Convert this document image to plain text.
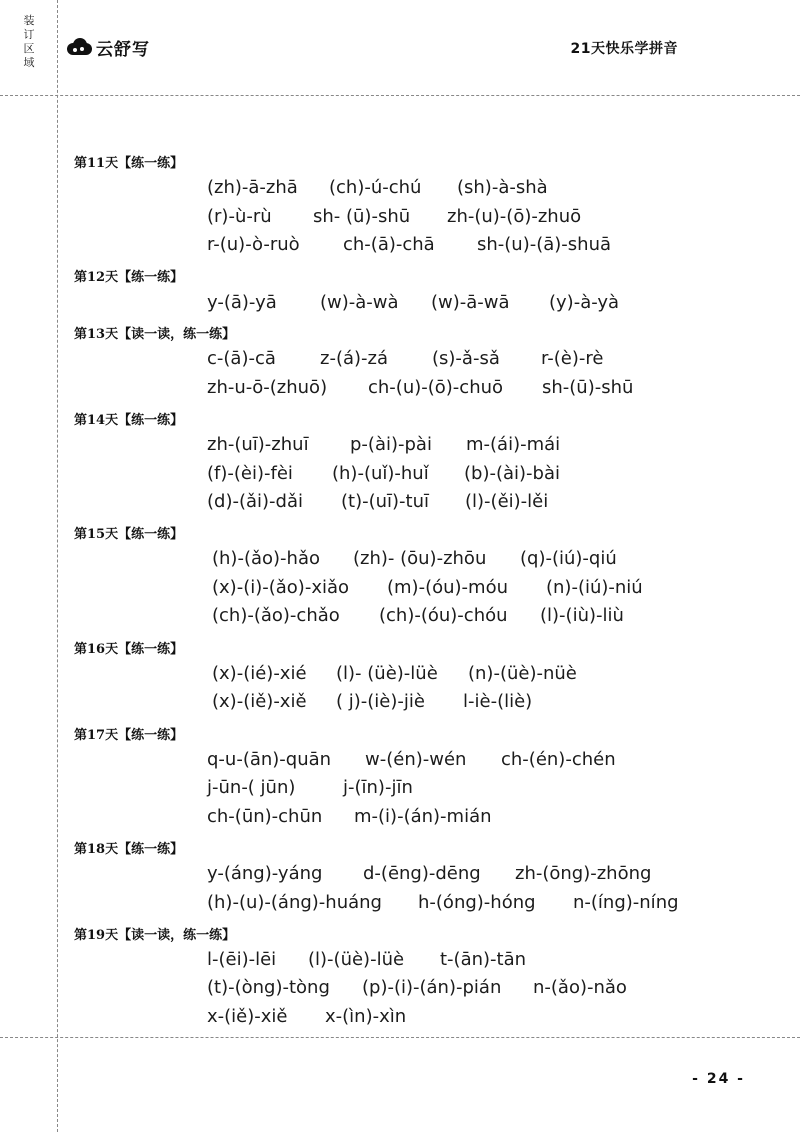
装
订
区
域
云舒写	21天快乐学拼音
第11天【练一练】
(zh)-ā-zhā (ch)-ú-chú (sh)-à-shà
(r)-ù-rù sh- (ū)-shū zh-(u)-(ō)-zhuō
r-(u)-ò-ruò ch-(ā)-chā sh-(u)-(ā)-shuā
第12天【练一练】
y-(ā)-yā (w)-à-wà (w)-ā-wā (y)-à-yà
第13天【读一读，练一练】
c-(ā)-cā z-(á)-zá (s)-ǎ-sǎ r-(è)-rè
zh-u-ō-(zhuō) ch-(u)-(ō)-chuō sh-(ū)-shū
第14天【练一练】
zh-(uī)-zhuī p-(ài)-pài m-(ái)-mái
(f)-(èi)-fèi (h)-(uǐ)-huǐ (b)-(ài)-bài
(d)-(ǎi)-dǎi (t)-(uī)-tuī (l)-(ěi)-lěi
第15天【练一练】
(h)-(ǎo)-hǎo (zh)- (ōu)-zhōu (q)-(iú)-qiú
(x)-(i)-(ǎo)-xiǎo (m)-(óu)-móu (n)-(iú)-niú
(ch)-(ǎo)-chǎo (ch)-(óu)-chóu (l)-(iù)-liù
第16天【练一练】
(x)-(ié)-xié (l)- (üè)-lüè (n)-(üè)-nüè
(x)-(iě)-xiě ( j)-(iè)-jiè l-iè-(liè)
第17天【练一练】
q-u-(ān)-quān w-(én)-wén ch-(én)-chén
j-ūn-( jūn)	j-(īn)-jīn
ch-(ūn)-chūn m-(i)-(án)-mián
第18天【练一练】
y-(áng)-yáng d-(ēng)-dēng zh-(ōng)-zhōng
(h)-(u)-(áng)-huáng h-(óng)-hóng n-(íng)-níng
第19天【读一读，练一练】
l-(ēi)-lēi (l)-(üè)-lüè t-(ān)-tān
(t)-(òng)-tòng (p)-(i)-(án)-pián n-(ǎo)-nǎo
x-(iě)-xiě x-(ìn)-xìn
- 24 -
